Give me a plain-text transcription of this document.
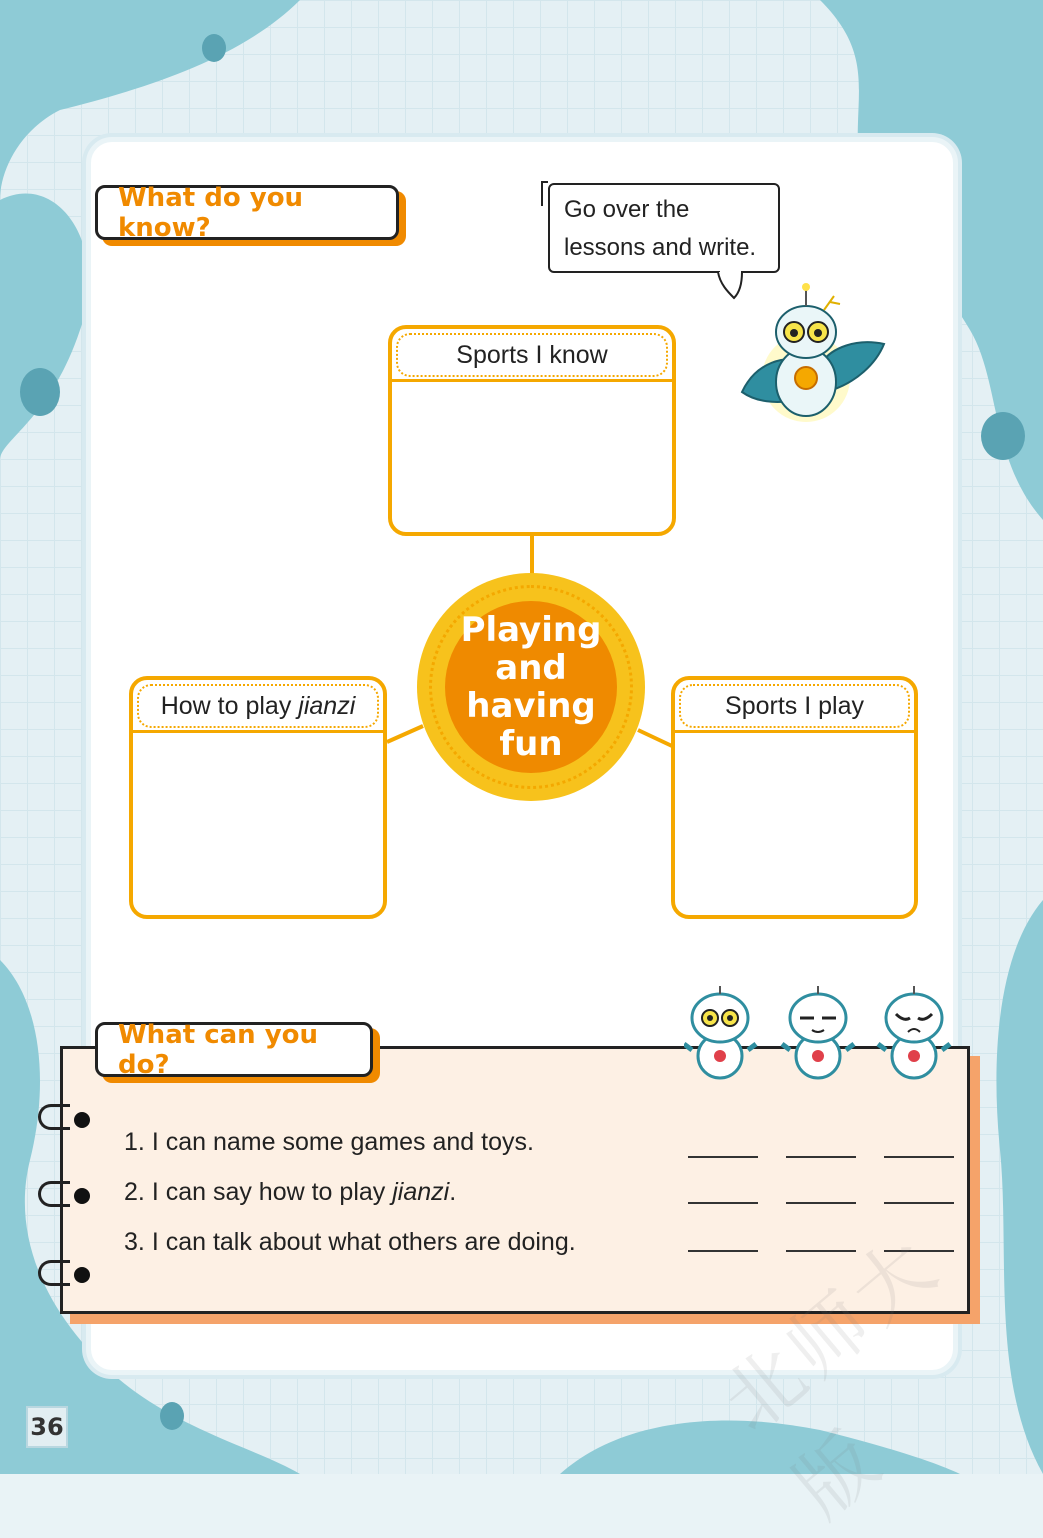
What do you know?
Go over the
lessons and write.
Sports I know
How to play jianzi	Sports I play
Playing
and
having
fun
What can you do?
1. I can name some games and toys.
2. I can say how to play jianzi.
3. I can talk about what others are doing. 北师大版
36
